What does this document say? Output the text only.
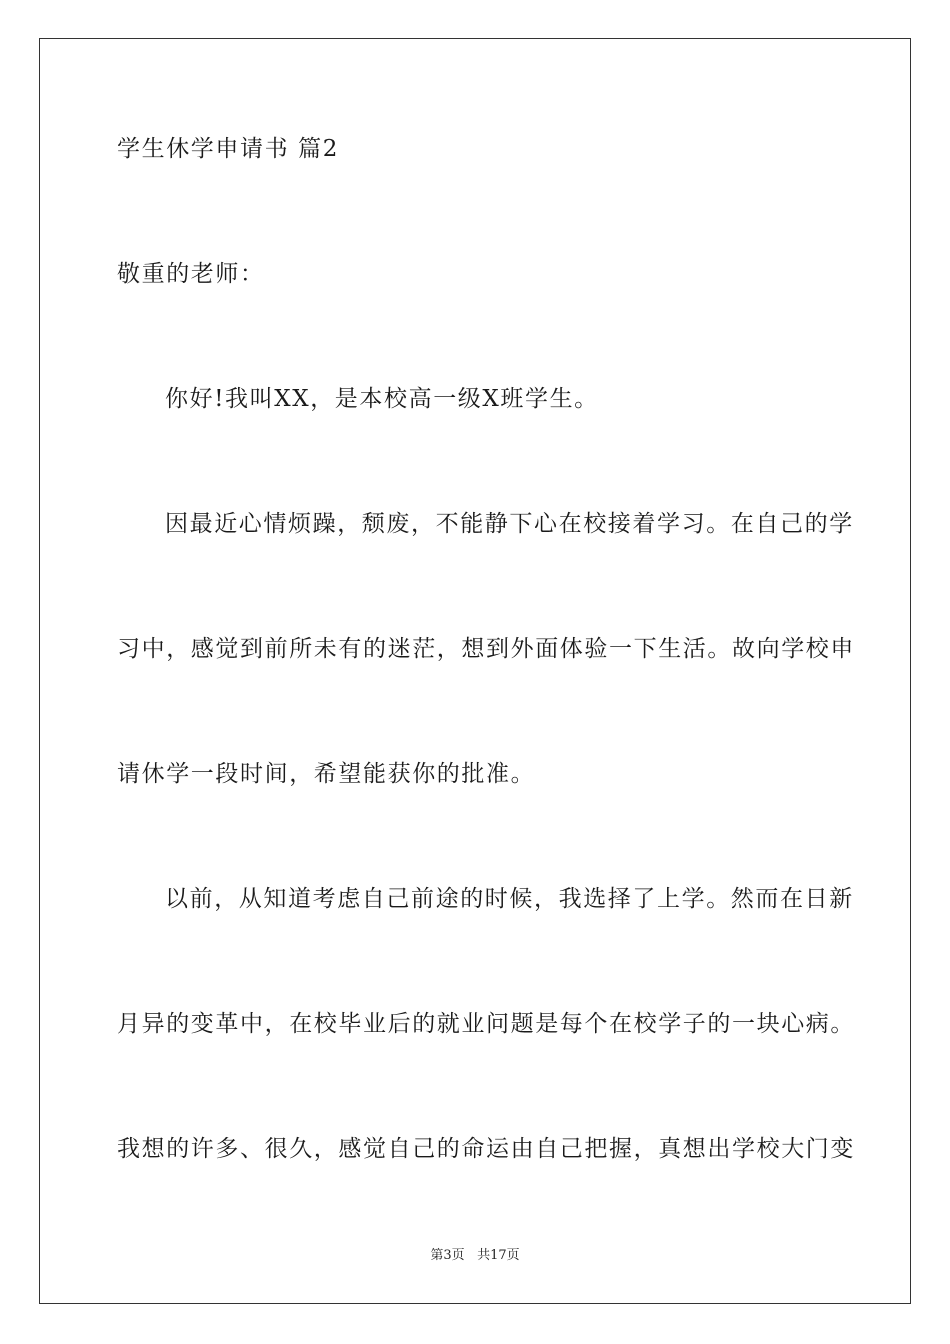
学生休学申请书 篇2
敬重的老师：
你好!我叫XX，是本校高一级X班学生。
因最近心情烦躁，颓废，不能静下心在校接着学习。在自己的学
习中，感觉到前所未有的迷茫，想到外面体验一下生活。故向学校申
请休学一段时间，希望能获你的批准。
以前，从知道考虑自己前途的时候，我选择了上学。然而在日新
月异的变革中，在校毕业后的就业问题是每个在校学子的一块心病。
我想的许多、很久，感觉自己的命运由自己把握，真想出学校大门变
第3页 共17页
